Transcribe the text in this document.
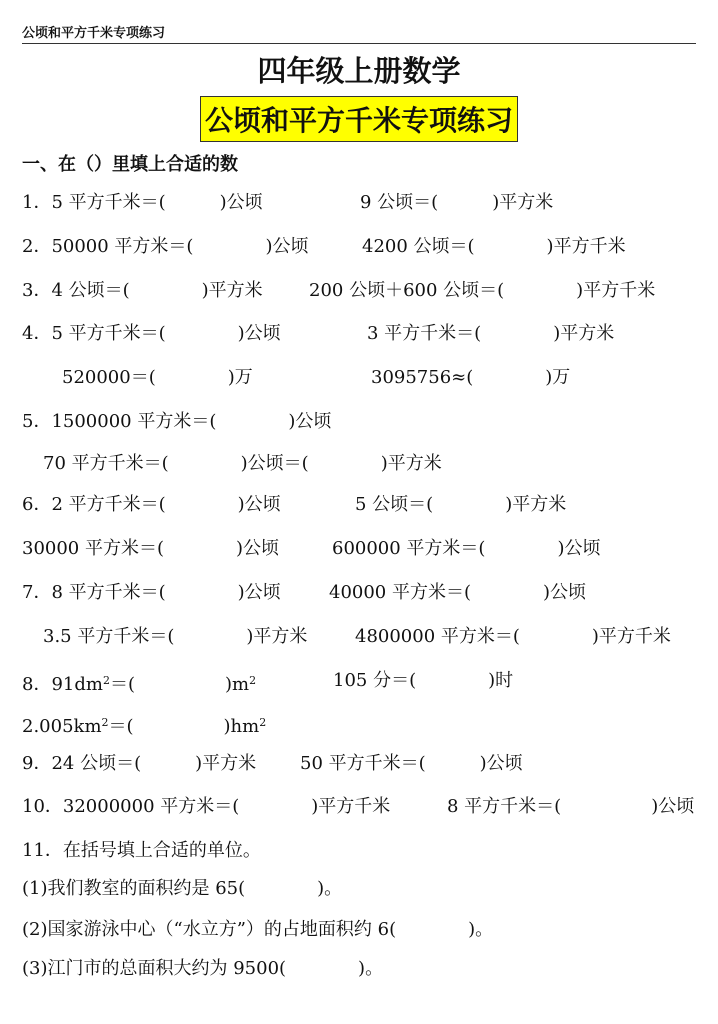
公顷和平方千米专项练习
四年级上册数学
公顷和平方千米专项练习
一、在（）里填上合适的数
1．5 平方千米＝(　　　)公顷	9 公顷＝(　　　)平方米
2．50000 平方米＝(　　　　)公顷	4200 公顷＝(　　　　)平方千米
3．4 公顷＝(　　　　)平方米	200 公顷＋600 公顷＝(　　　　)平方千米
4．5 平方千米＝(　　　　)公顷	3 平方千米＝(　　　　)平方米
520000＝(　　　　)万	3095756≈(　　　　)万
5．1500000 平方米＝(　　　　)公顷
70 平方千米＝(　　　　)公顷＝(　　　　)平方米
6．2 平方千米＝(　　　　)公顷	5 公顷＝(　　　　)平方米
30000 平方米＝(　　　　)公顷	600000 平方米＝(　　　　)公顷
7．8 平方千米＝(　　　　)公顷	40000 平方米＝(　　　　)公顷
3.5 平方千米＝(　　　　)平方米	4800000 平方米＝(　　　　)平方千米
8．$91dm^2=$(　　　　　)$m^2$	105 分＝(　　　　)时
$2.005km^2=$(　　　　　)$hm^2$
9．24 公顷＝(　　　)平方米 50 平方千米＝(　　　)公顷
10．32000000 平方米＝(　　　　)平方千米	8 平方千米＝(　　　　　)公顷
11．在括号填上合适的单位。
(1)我们教室的面积约是 65(　　　　)。
(2)国家游泳中心（“水立方”）的占地面积约 6(　　　　)。
(3)江门市的总面积大约为 9500(　　　　)。
